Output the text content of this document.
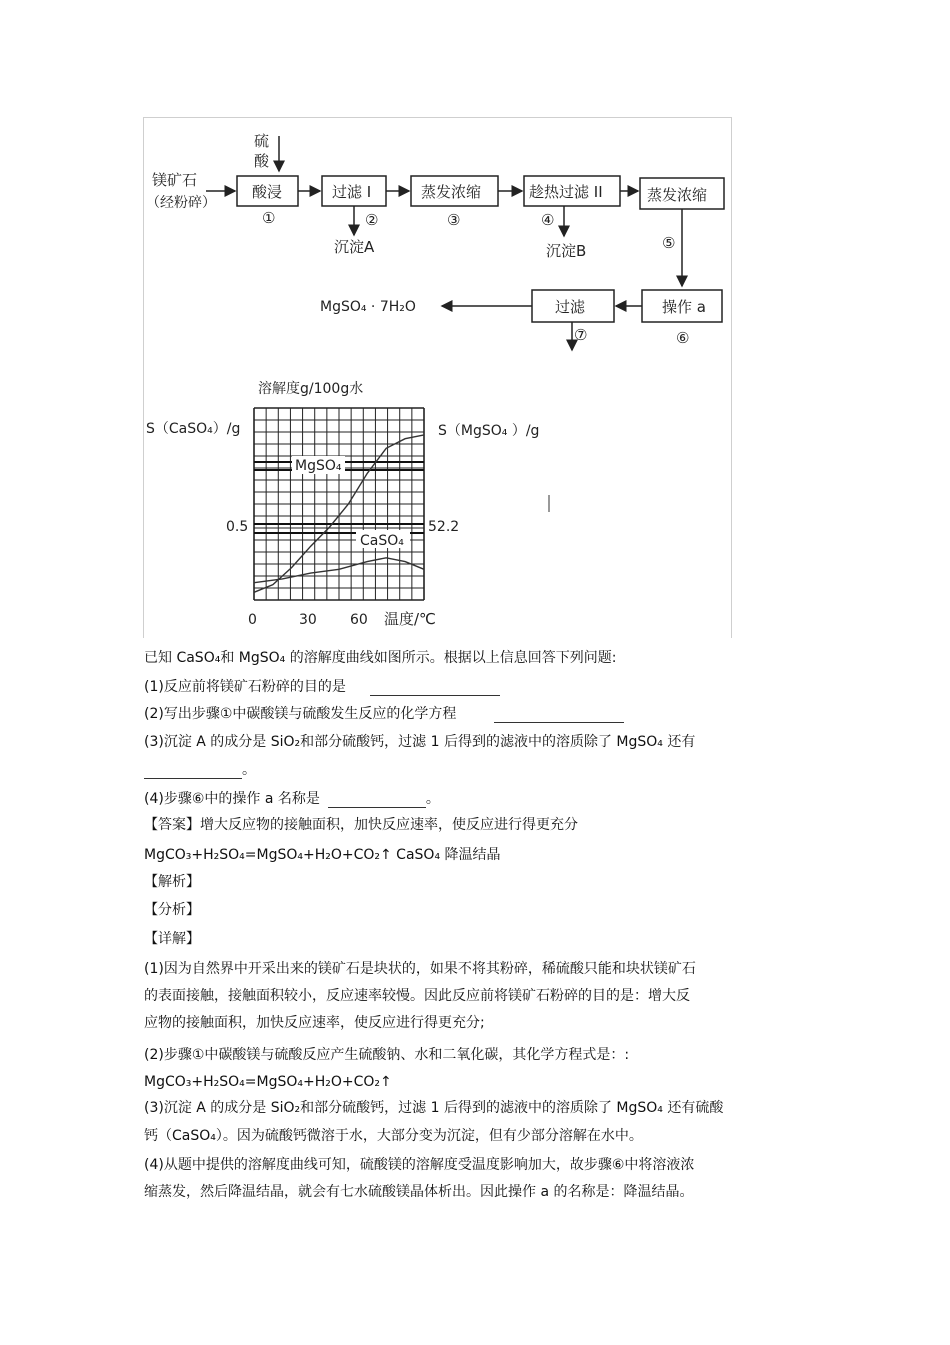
镁矿石
（经粉碎）
硫
酸
酸浸
①
过滤 I
②
沉淀A
蒸发浓缩
③
趁热过滤 II
④
沉淀B
蒸发浓缩
⑤
操作 a
⑥
过滤
⑦
MgSO₄ · 7H₂O
溶解度g/100g水
S（CaSO₄）/g	S（MgSO₄ ）/g
MgSO₄
CaSO₄
0.5	52.2
0	30 60 温度/℃
已知 CaSO₄和 MgSO₄ 的溶解度曲线如图所示。根据以上信息回答下列问题:
(1)反应前将镁矿石粉碎的目的是
(2)写出步骤①中碳酸镁与硫酸发生反应的化学方程
(3)沉淀 A 的成分是 SiO₂和部分硫酸钙，过滤 1 后得到的滤液中的溶质除了 MgSO₄ 还有
。
(4)步骤⑥中的操作 a 名称是	。
【答案】增大反应物的接触面积，加快反应速率，使反应进行得更充分
MgCO₃+H₂SO₄=MgSO₄+H₂O+CO₂↑ CaSO₄ 降温结晶
【解析】
【分析】
【详解】
(1)因为自然界中开采出来的镁矿石是块状的，如果不将其粉碎，稀硫酸只能和块状镁矿石
的表面接触，接触面积较小，反应速率较慢。因此反应前将镁矿石粉碎的目的是：增大反
应物的接触面积，加快反应速率，使反应进行得更充分;
(2)步骤①中碳酸镁与硫酸反应产生硫酸钠、水和二氧化碳，其化学方程式是：:
MgCO₃+H₂SO₄=MgSO₄+H₂O+CO₂↑
(3)沉淀 A 的成分是 SiO₂和部分硫酸钙，过滤 1 后得到的滤液中的溶质除了 MgSO₄ 还有硫酸
钙（CaSO₄）。因为硫酸钙微溶于水，大部分变为沉淀，但有少部分溶解在水中。
(4)从题中提供的溶解度曲线可知，硫酸镁的溶解度受温度影响加大，故步骤⑥中将溶液浓
缩蒸发，然后降温结晶，就会有七水硫酸镁晶体析出。因此操作 a 的名称是：降温结晶。
